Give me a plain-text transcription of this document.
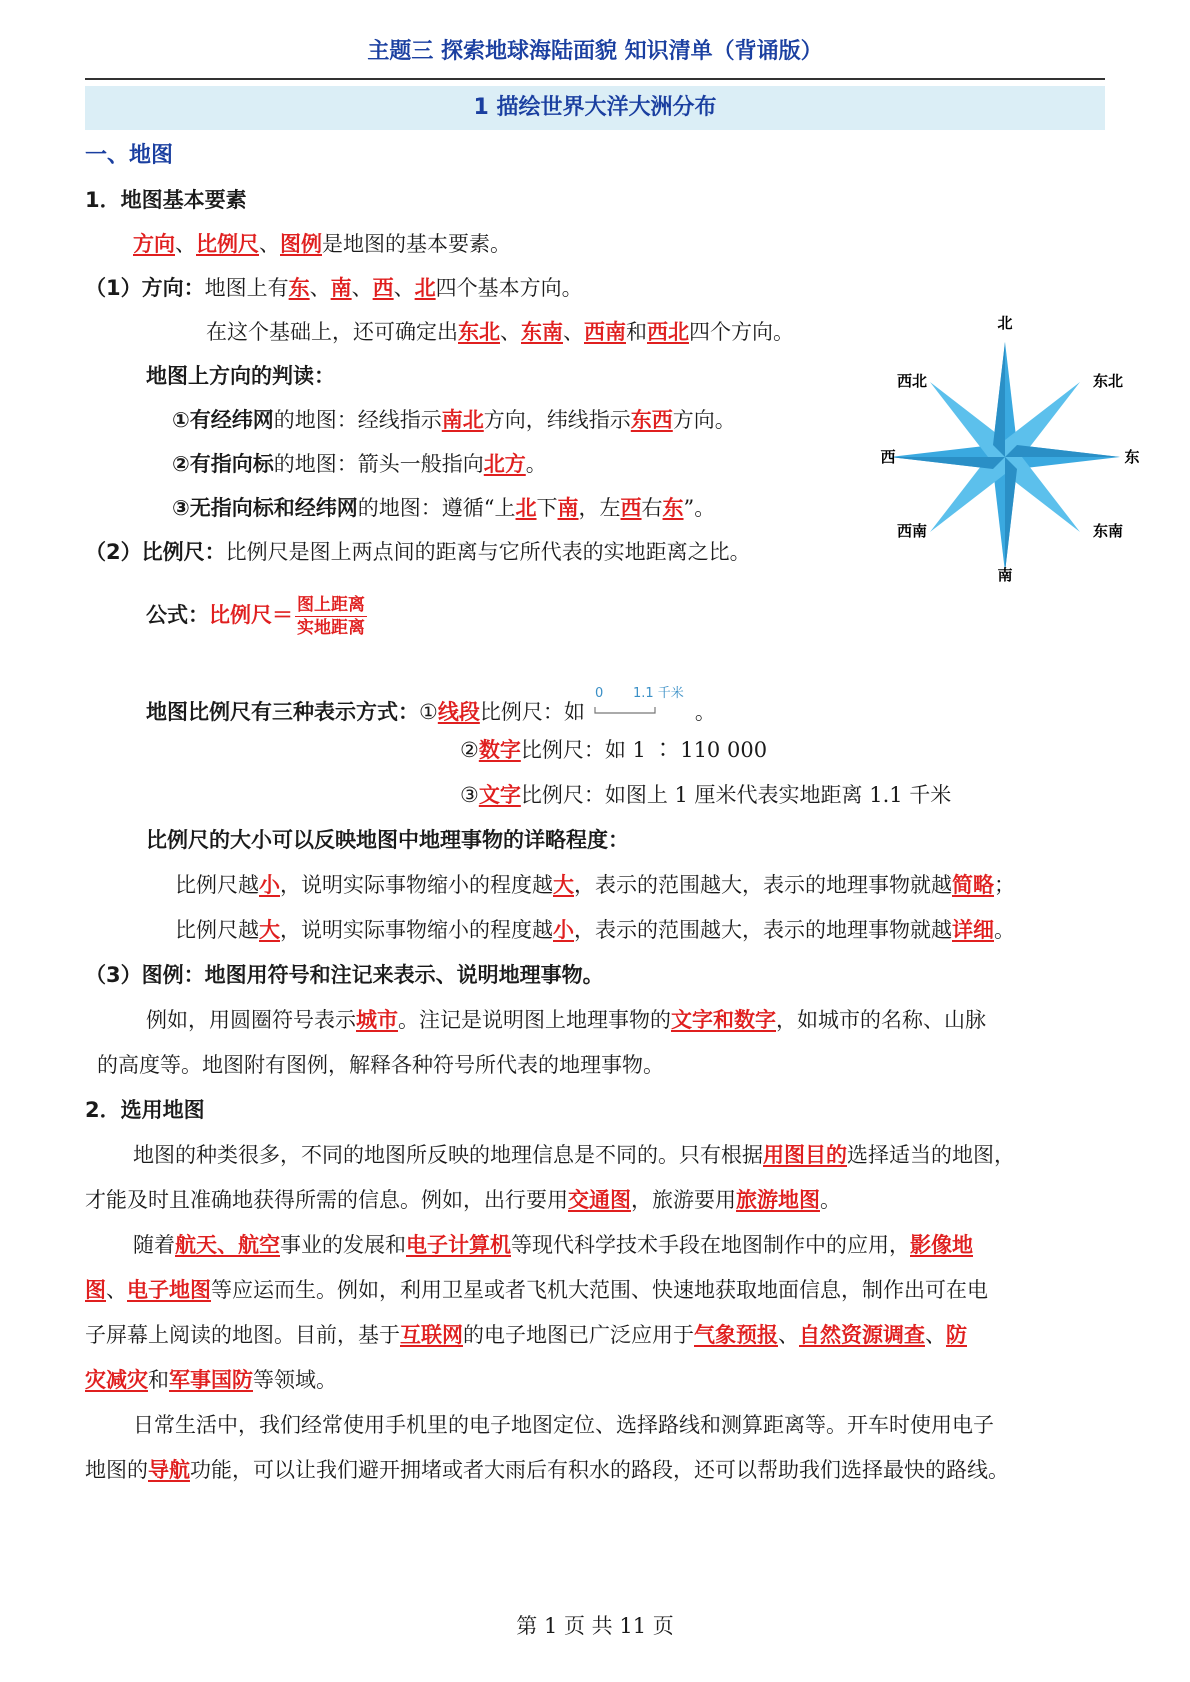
主题三 探索地球海陆面貌 知识清单（背诵版）
1 描绘世界大洋大洲分布
一、地图
1．地图基本要素
方向、比例尺、图例是地图的基本要素。
（1）方向：地图上有东、南、西、北四个基本方向。
在这个基础上，还可确定出东北、东南、西南和西北四个方向。
地图上方向的判读：
①有经纬网的地图：经线指示南北方向，纬线指示东西方向。
②有指向标的地图：箭头一般指向北方。
③无指向标和经纬网的地图：遵循“上北下南，左西右东”。
北
南
东
西
东北
西北
东南
西南
（2）比例尺：比例尺是图上两点间的距离与它所代表的实地距离之比。
公式：比例尺＝ $\frac{\text{图上距离}}{\text{实地距离}}$
地图比例尺有三种表示方式：①线段比例尺：如
0 1.1 千米
。
②数字比例尺：如 1 ∶ 110 000
③文字比例尺：如图上 1 厘米代表实地距离 1.1 千米
比例尺的大小可以反映地图中地理事物的详略程度：
比例尺越小，说明实际事物缩小的程度越大，表示的范围越大，表示的地理事物就越简略；
比例尺越大，说明实际事物缩小的程度越小，表示的范围越大，表示的地理事物就越详细。
（3）图例：地图用符号和注记来表示、说明地理事物。
例如，用圆圈符号表示城市。注记是说明图上地理事物的文字和数字，如城市的名称、山脉
的高度等。地图附有图例，解释各种符号所代表的地理事物。
2．选用地图
地图的种类很多，不同的地图所反映的地理信息是不同的。只有根据用图目的选择适当的地图，
才能及时且准确地获得所需的信息。例如，出行要用交通图，旅游要用旅游地图。
随着航天、航空事业的发展和电子计算机等现代科学技术手段在地图制作中的应用，影像地
图、电子地图等应运而生。例如，利用卫星或者飞机大范围、快速地获取地面信息，制作出可在电
子屏幕上阅读的地图。目前，基于互联网的电子地图已广泛应用于气象预报、自然资源调查、防
灾减灾和军事国防等领域。
日常生活中，我们经常使用手机里的电子地图定位、选择路线和测算距离等。开车时使用电子
地图的导航功能，可以让我们避开拥堵或者大雨后有积水的路段，还可以帮助我们选择最快的路线。
第 1 页 共 11 页
